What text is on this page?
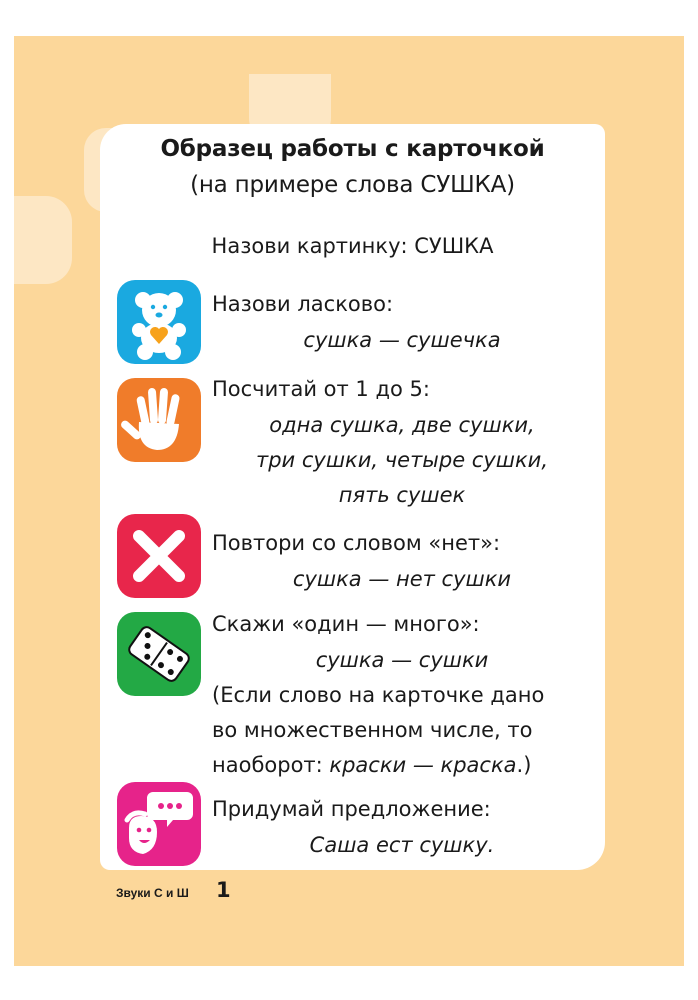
Образец работы с карточкой
(на примере слова СУШКА)
Назови картинку: СУШКА
Назови ласково:
сушка — сушечка
Посчитай от 1 до 5:
одна сушка, две сушки,
три сушки, четыре сушки,
пять сушек
Повтори со словом «нет»:
сушка — нет сушки
Скажи «один — много»:
сушка — сушки
(Если слово на карточке дано
во множественном числе, то
наоборот: краски — краска.)
Придумай предложение:
Саша ест сушку.
Звуки С и Ш 1
